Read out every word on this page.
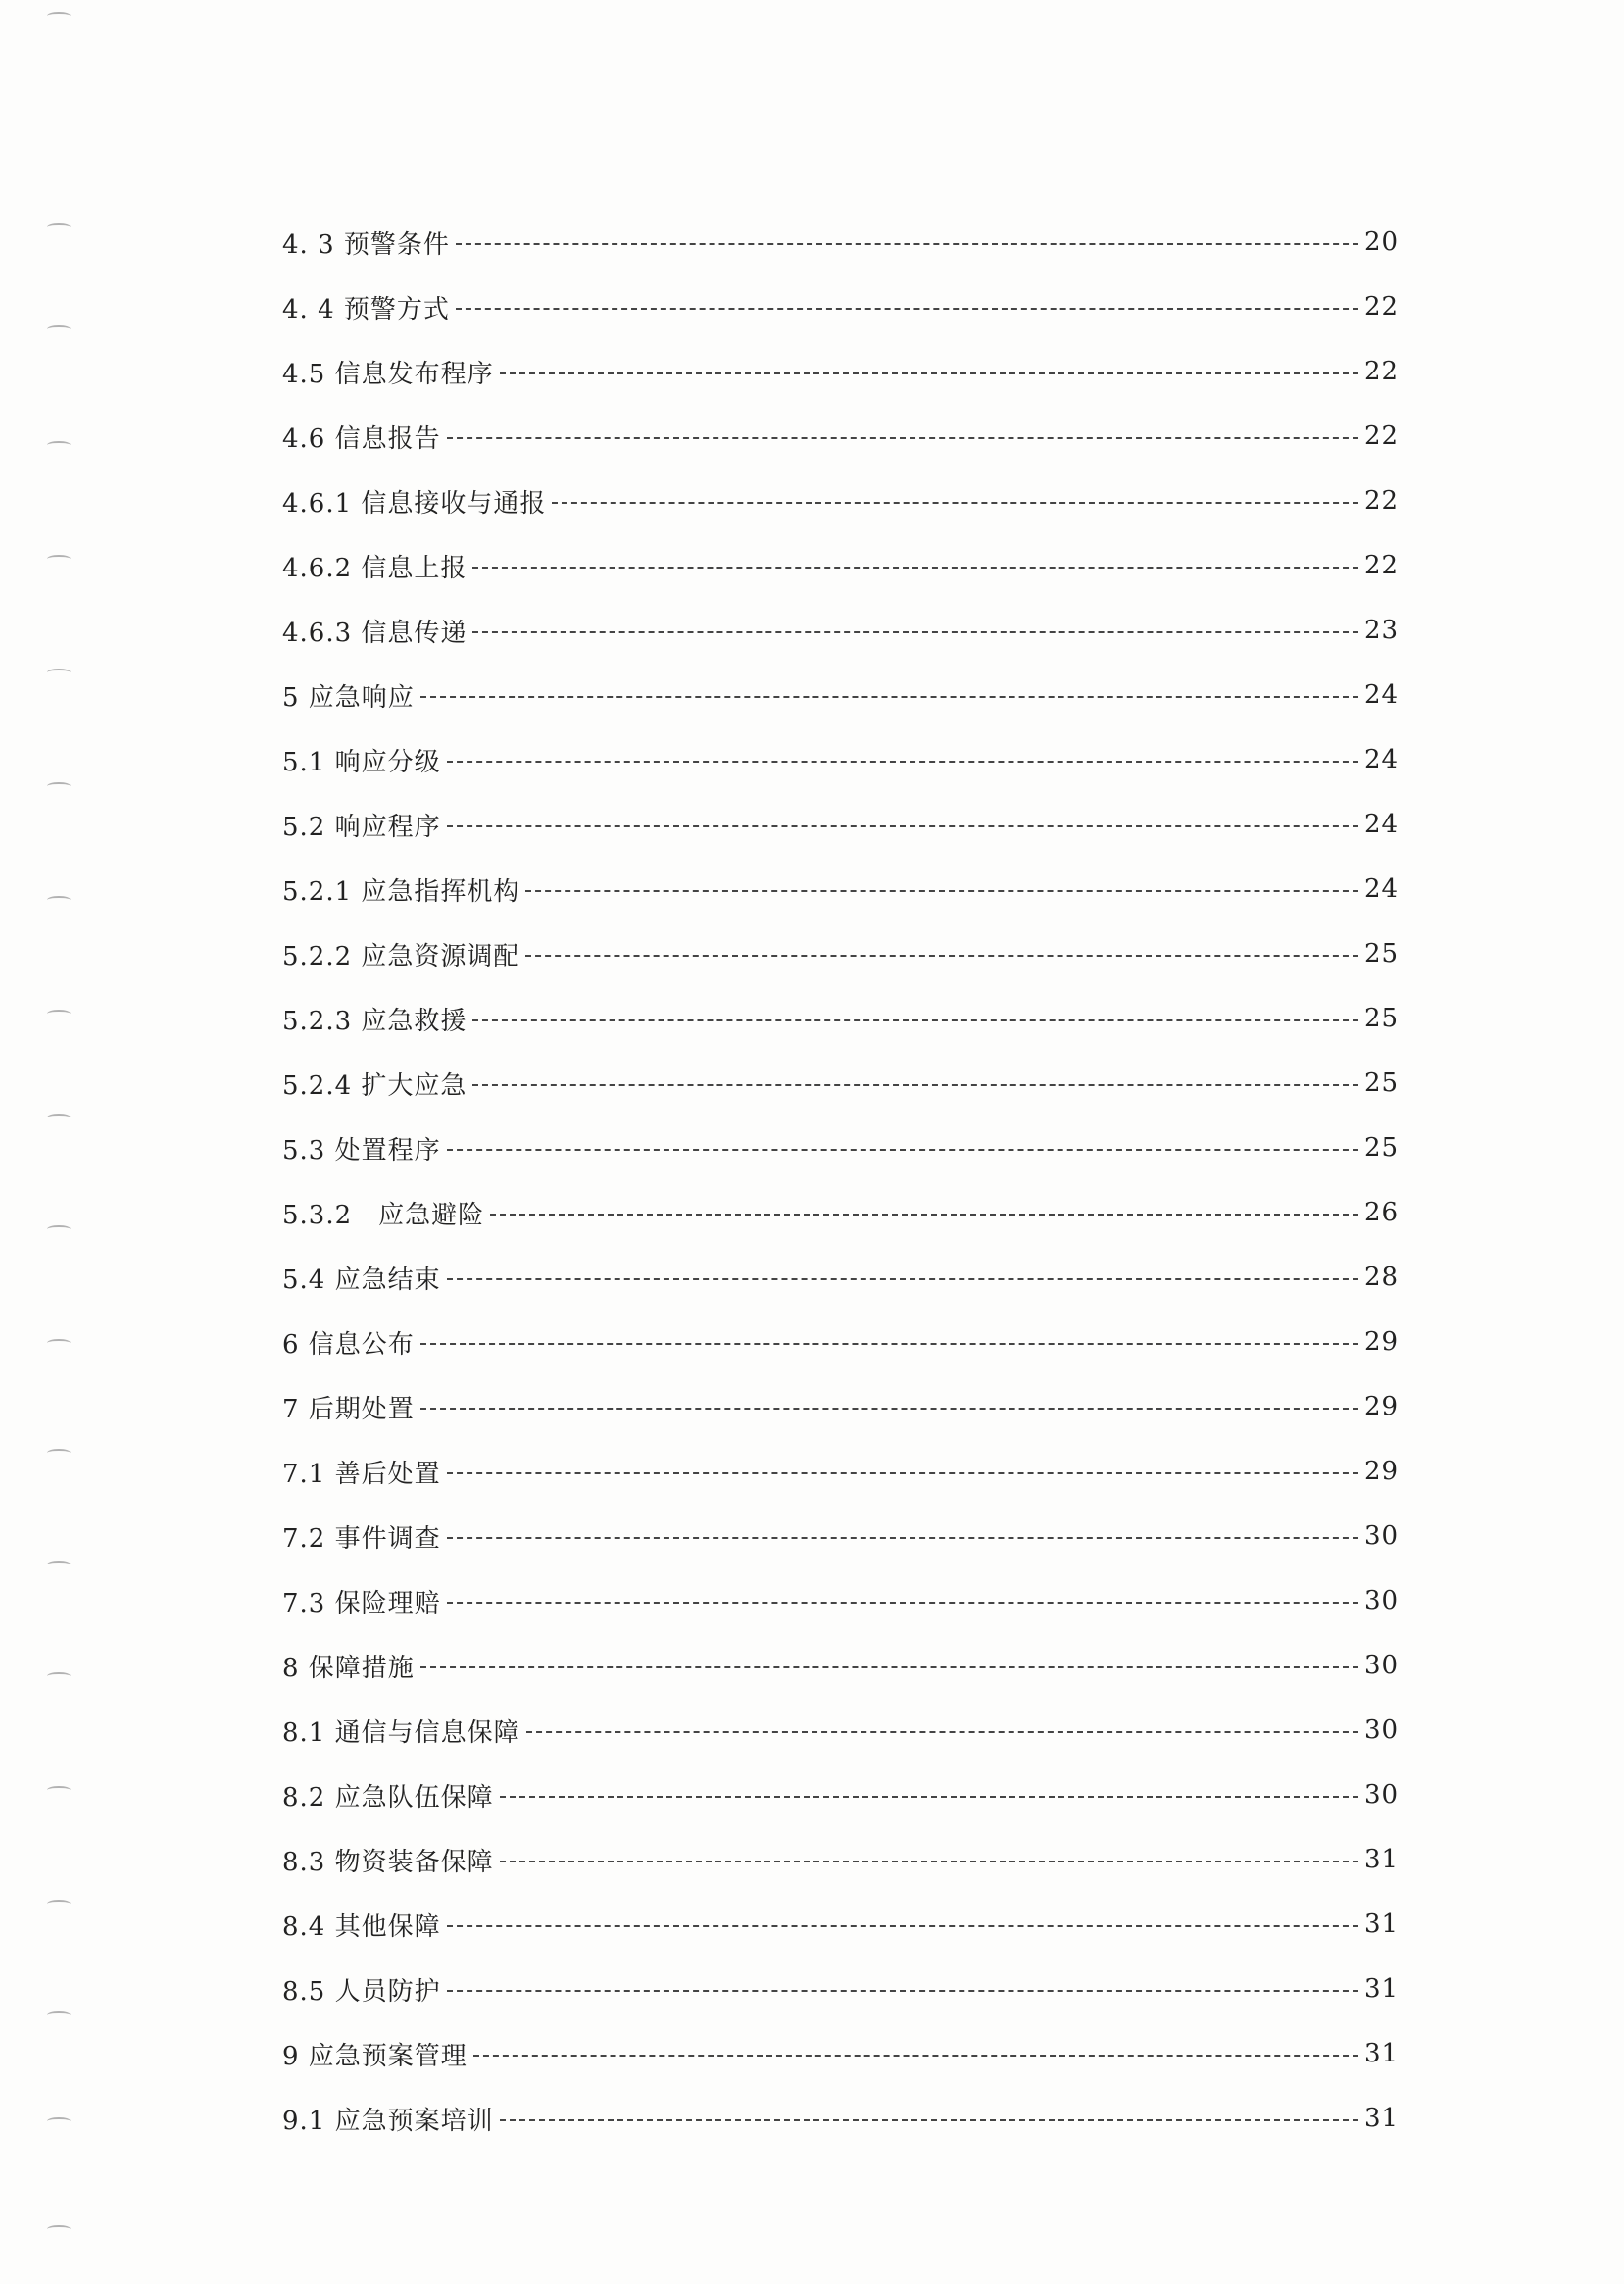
4. 3 预警条件	20
4. 4 预警方式	22
4.5 信息发布程序	22
4.6 信息报告	22
4.6.1 信息接收与通报	22
4.6.2 信息上报	22
4.6.3 信息传递	23
5 应急响应	24
5.1 响应分级	24
5.2 响应程序	24
5.2.1 应急指挥机构	24
5.2.2 应急资源调配	25
5.2.3 应急救援	25
5.2.4 扩大应急	25
5.3 处置程序	25
5.3.2　应急避险	26
5.4 应急结束	28
6 信息公布	29
7 后期处置	29
7.1 善后处置	29
7.2 事件调查	30
7.3 保险理赔	30
8 保障措施	30
8.1 通信与信息保障	30
8.2 应急队伍保障	30
8.3 物资装备保障	31
8.4 其他保障	31
8.5 人员防护	31
9 应急预案管理	31
9.1 应急预案培训	31
